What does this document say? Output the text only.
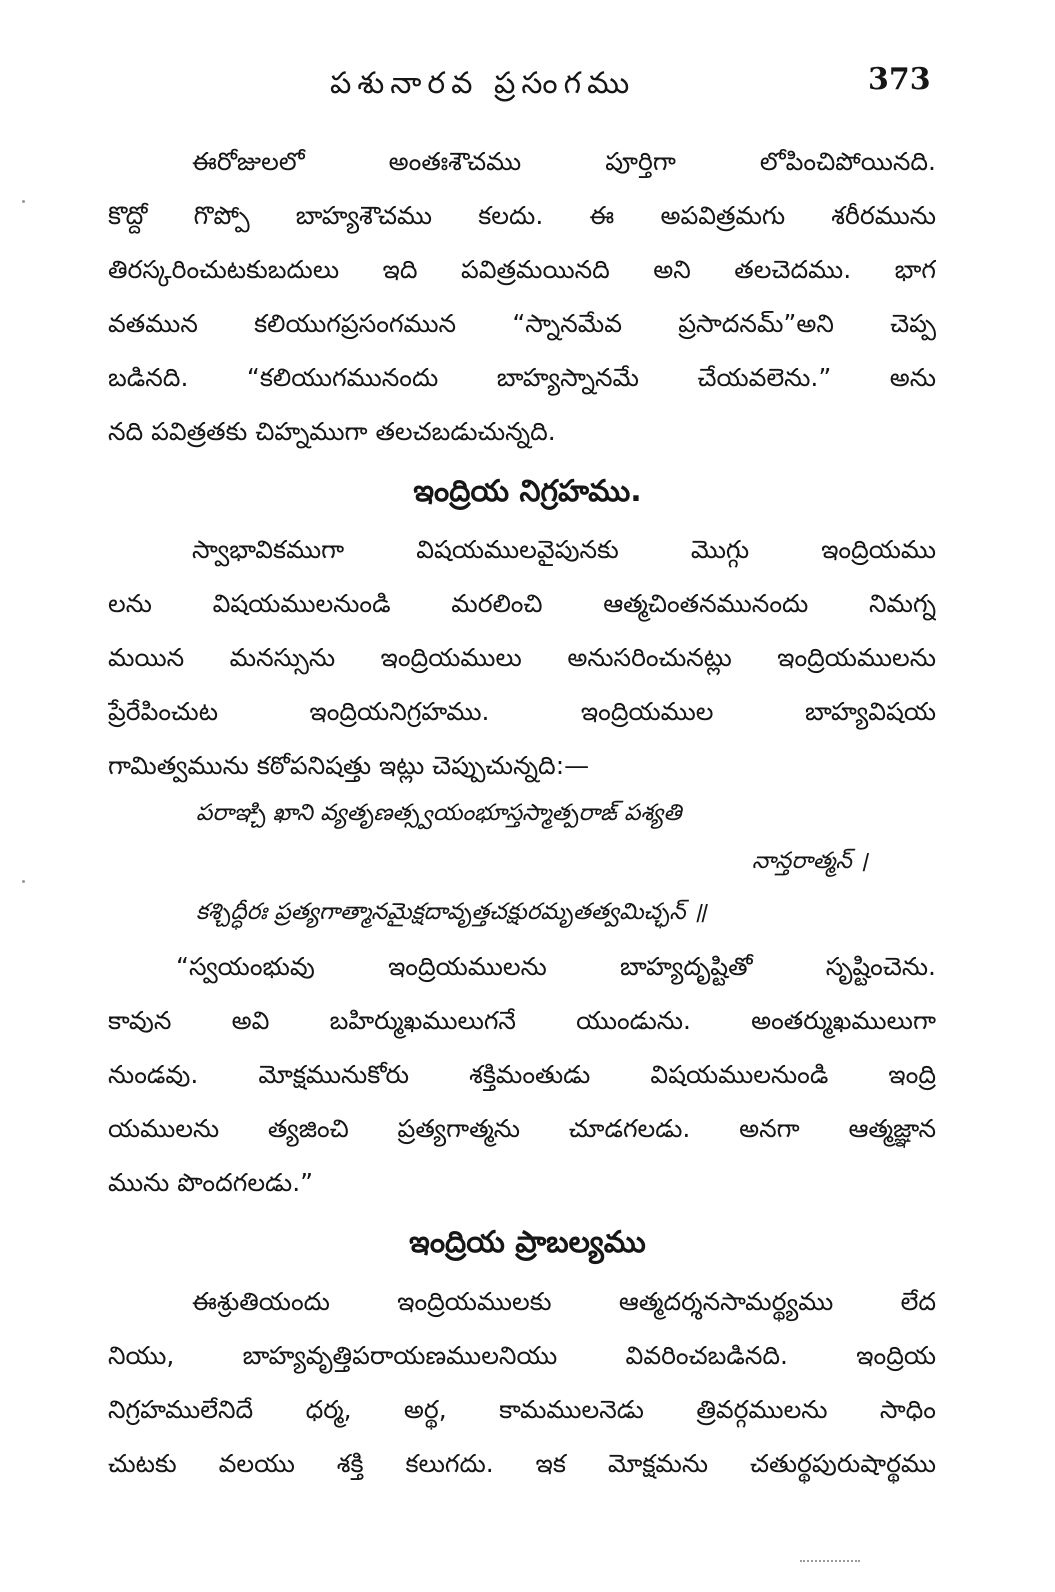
పశునారవ ప్రసంగము	373
ఈరోజులలో అంతఃశౌచము పూర్తిగా లోపించిపోయినది.
కొద్దో గొప్పో బాహ్యశౌచము కలదు. ఈ అపవిత్రమగు శరీరమును
తిరస్కరించుటకుబదులు ఇది పవిత్రమయినది అని తలచెదము. భాగ
వతమున కలియుగప్రసంగమున “స్నానమేవ ప్రసాదనమ్”అని చెప్ప
బడినది. “కలియుగమునందు బాహ్యస్నానమే చేయవలెను.” అను
నది పవిత్రతకు చిహ్నముగా తలచబడుచున్నది.
ఇంద్రియ నిగ్రహము.
స్వాభావికముగా విషయములవైపునకు మొగ్గు ఇంద్రియము
లను విషయములనుండి మరలించి ఆత్మచింతనమునందు నిమగ్న
మయిన మనస్సును ఇంద్రియములు అనుసరించునట్లు ఇంద్రియములను
ప్రేరేపించుట ఇంద్రియనిగ్రహము. ఇంద్రియముల బాహ్యవిషయ
గామిత్వమును కఠోపనిషత్తు ఇట్లు చెప్పుచున్నది:—
పరాఞ్చి ఖాని వ్యతృణత్స్వయంభూస్తస్మాత్పరాఙ్ పశ్యతి
నాన్తరాత్మన్ ।
కశ్చిద్ధీరః ప్రత్యగాత్మానమైక్షదావృత్తచక్షురమృతత్వమిచ్ఛన్ ॥
“స్వయంభువు ఇంద్రియములను బాహ్యదృష్టితో సృష్టించెను.
కావున అవి బహిర్ముఖములుగనే యుండును. అంతర్ముఖములుగా
నుండవు. మోక్షమునుకోరు శక్తిమంతుడు విషయములనుండి ఇంద్రి
యములను త్యజించి ప్రత్యగాత్మను చూడగలడు. అనగా ఆత్మజ్ఞాన
మును పొందగలడు.”
ఇంద్రియ ప్రాబల్యము
ఈశ్రుతియందు ఇంద్రియములకు ఆత్మదర్శనసామర్థ్యము లేద
నియు, బాహ్యవృత్తిపరాయణములనియు వివరించబడినది. ఇంద్రియ
నిగ్రహములేనిదే ధర్మ, అర్థ, కామములనెడు త్రివర్గములను సాధిం
చుటకు వలయు శక్తి కలుగదు. ఇక మోక్షమను చతుర్థపురుషార్థము
